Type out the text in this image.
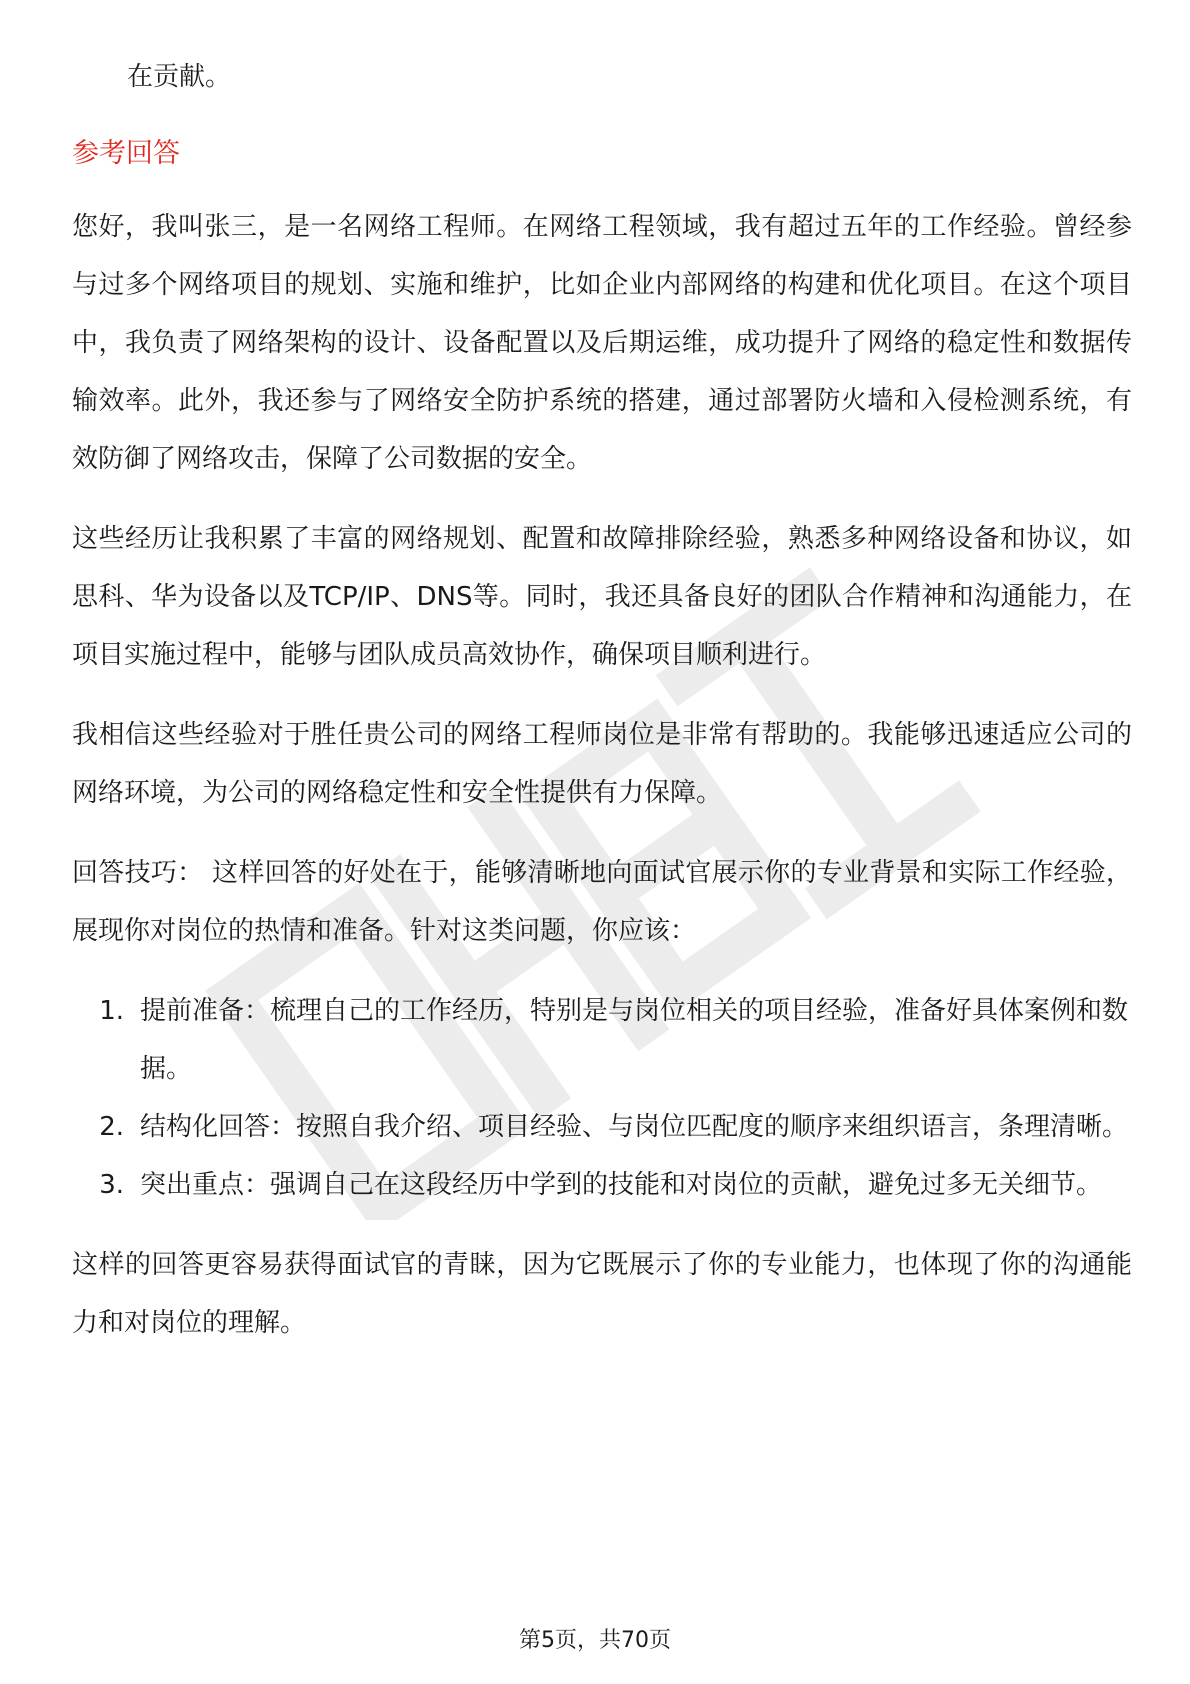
在贡献。
参考回答

您好，我叫张三，是一名网络工程师。在网络工程领域，我有超过五年的工作经验。曾经参与过多个网络项目的规划、实施和维护，比如企业内部网络的构建和优化项目。在这个项目中，我负责了网络架构的设计、设备配置以及后期运维，成功提升了网络的稳定性和数据传输效率。此外，我还参与了网络安全防护系统的搭建，通过部署防火墙和入侵检测系统，有效防御了网络攻击，保障了公司数据的安全。

这些经历让我积累了丰富的网络规划、配置和故障排除经验，熟悉多种网络设备和协议，如思科、华为设备以及TCP/IP、DNS等。同时，我还具备良好的团队合作精神和沟通能力，在项目实施过程中，能够与团队成员高效协作，确保项目顺利进行。

我相信这些经验对于胜任贵公司的网络工程师岗位是非常有帮助的。我能够迅速适应公司的网络环境，为公司的网络稳定性和安全性提供有力保障。

回答技巧： 这样回答的好处在于，能够清晰地向面试官展示你的专业背景和实际工作经验，展现你对岗位的热情和准备。针对这类问题，你应该：

1. 提前准备：梳理自己的工作经历，特别是与岗位相关的项目经验，准备好具体案例和数据。
2. 结构化回答：按照自我介绍、项目经验、与岗位匹配度的顺序来组织语言，条理清晰。
3. 突出重点：强调自己在这段经历中学到的技能和对岗位的贡献，避免过多无关细节。

这样的回答更容易获得面试官的青睐，因为它既展示了你的专业能力，也体现了你的沟通能力和对岗位的理解。

第5页，共70页
